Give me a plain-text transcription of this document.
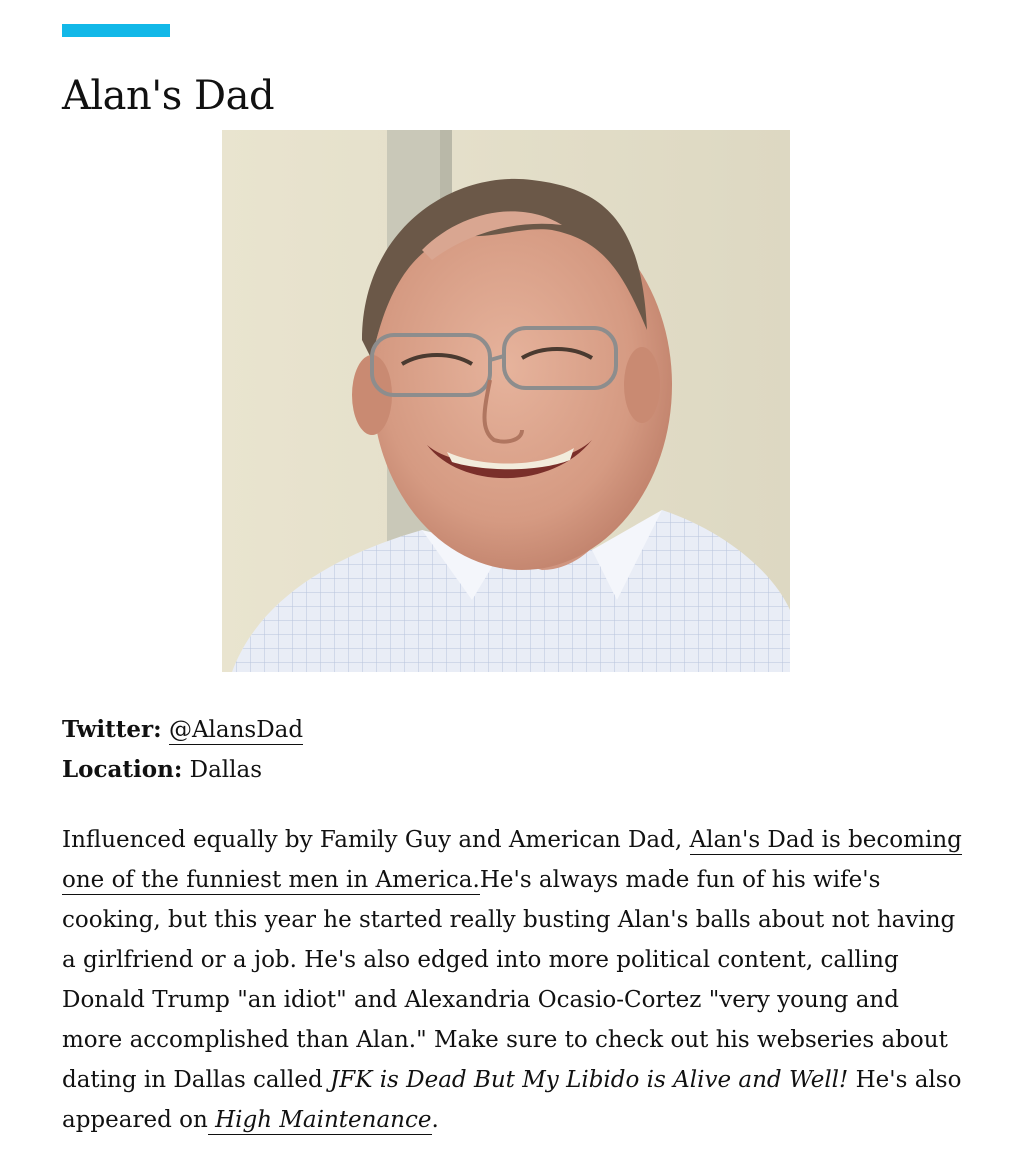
Alan's Dad
Twitter: @AlansDad
Location: Dallas

Influenced equally by Family Guy and American Dad, Alan's Dad is becoming one of the funniest men in America.He's always made fun of his wife's cooking, but this year he started really busting Alan's balls about not having a girlfriend or a job. He's also edged into more political content, calling Donald Trump "an idiot" and Alexandria Ocasio-Cortez "very young and more accomplished than Alan." Make sure to check out his webseries about dating in Dallas called JFK is Dead But My Libido is Alive and Well! He's also appeared on High Maintenance.
